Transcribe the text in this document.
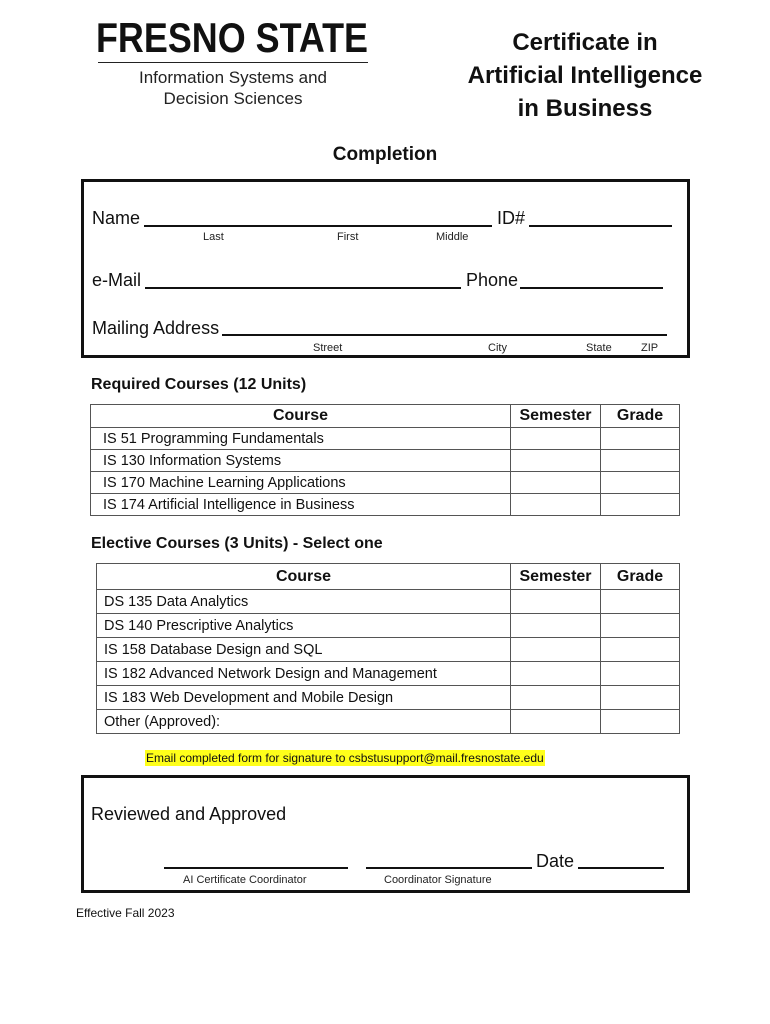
FRESNO STATE
Information Systems and
Decision Sciences
Certificate in
Artificial Intelligence
in Business
Completion
Name	ID#
Last	First	Middle
e-Mail	Phone
Mailing Address
Street	City	State	ZIP
Required Courses (12 Units)
Course	Semester	Grade
IS 51 Programming Fundamentals		
IS 130 Information Systems		
IS 170 Machine Learning Applications		
IS 174 Artificial Intelligence in Business		
Elective Courses (3 Units) - Select one
Course	Semester	Grade
DS 135 Data Analytics		
DS 140 Prescriptive Analytics		
IS 158 Database Design and SQL		
IS 182 Advanced Network Design and Management		
IS 183 Web Development and Mobile Design		
Other (Approved):		
Email completed form for signature to csbstusupport@mail.fresnostate.edu
Reviewed and Approved
Date
AI Certificate Coordinator	Coordinator Signature
Effective Fall 2023
